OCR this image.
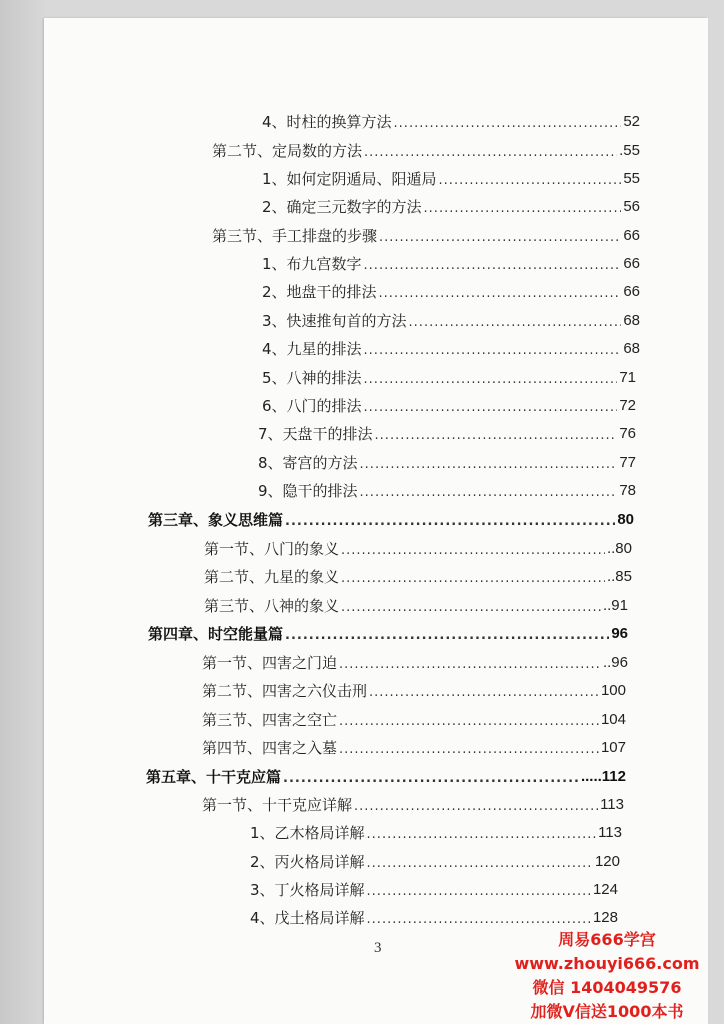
4、时柱的换算方法 .....	52
第二节、定局数的方法 .....	.55
1、如何定阴遁局、阳遁局 .....	55
2、确定三元数字的方法 .....	56
第三节、手工排盘的步骤 .....	66
1、布九宫数字 .....	66
2、地盘干的排法 .....	66
3、快速推旬首的方法 .....	68
4、九星的排法 .....	68
5、八神的排法 .....	71
6、八门的排法 .....	72
7、天盘干的排法 .....	76
8、寄宫的方法 .....	77
9、隐干的排法 .....	78
第三章、象义思维篇 .....	80
第一节、八门的象义 .....	..80
第二节、九星的象义 .....	..85
第三节、八神的象义 .....	..91
第四章、时空能量篇 .....	96
第一节、四害之门迫 .....	..96
第二节、四害之六仪击刑 .....	100
第三节、四害之空亡 .....	104
第四节、四害之入墓 .....	107
第五章、十干克应篇 .....	.....112
第一节、十干克应详解 .....	113
1、乙木格局详解 .....	113
2、丙火格局详解 .....	120
3、丁火格局详解 .....	124
4、戊土格局详解 .....	128
3	周易666学宫
www.zhouyi666.com
微信 1404049576
加微V信送1000本书
